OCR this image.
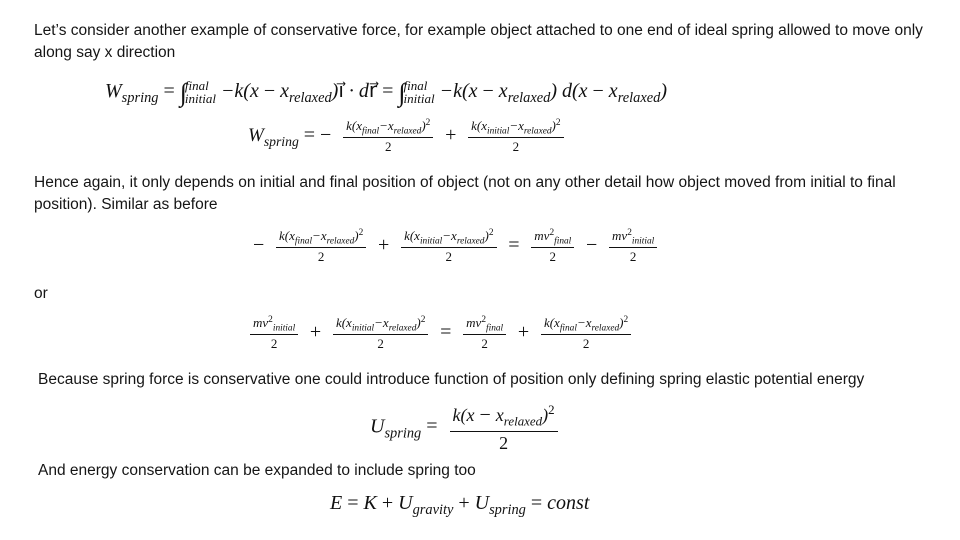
Let’s consider another example of conservative force, for example object attached to one end of ideal spring allowed to move only along say x direction

$W_{spring}$ = ∫
final
initial $-k(x - x_{relaxed})i⃗$ · dr⃗ = ∫
final
initial $-k(x - x_{relaxed})$ $d(x - x_{relaxed})$
$W_{spring}$ = − $\frac{k(x_{final}-x_{relaxed})^2}{2} + \frac{k(x_{initial}-x_{relaxed})^2}{2}$

Hence again, it only depends on initial and final position of object (not on any other detail how object moved from initial to final position). Similar as before

− $\frac{k(x_{final}-x_{relaxed})^2}{2} + \frac{k(x_{initial}-x_{relaxed})^2}{2} = \frac{mv^2_{final}}{2} - \frac{mv^2_{initial}}{2}$

or

$\frac{mv^2_{initial}}{2} + \frac{k(x_{initial}-x_{relaxed})^2}{2} = \frac{mv^2_{final}}{2} + \frac{k(x_{final}-x_{relaxed})^2}{2}$

Because spring force is conservative one could introduce function of position only defining spring elastic potential energy

$U_{spring} = \frac{k(x - x_{relaxed})^2}{2}$

And energy conservation can be expanded to include spring too

$E = K + U_{gravity} + U_{spring}$ = const
